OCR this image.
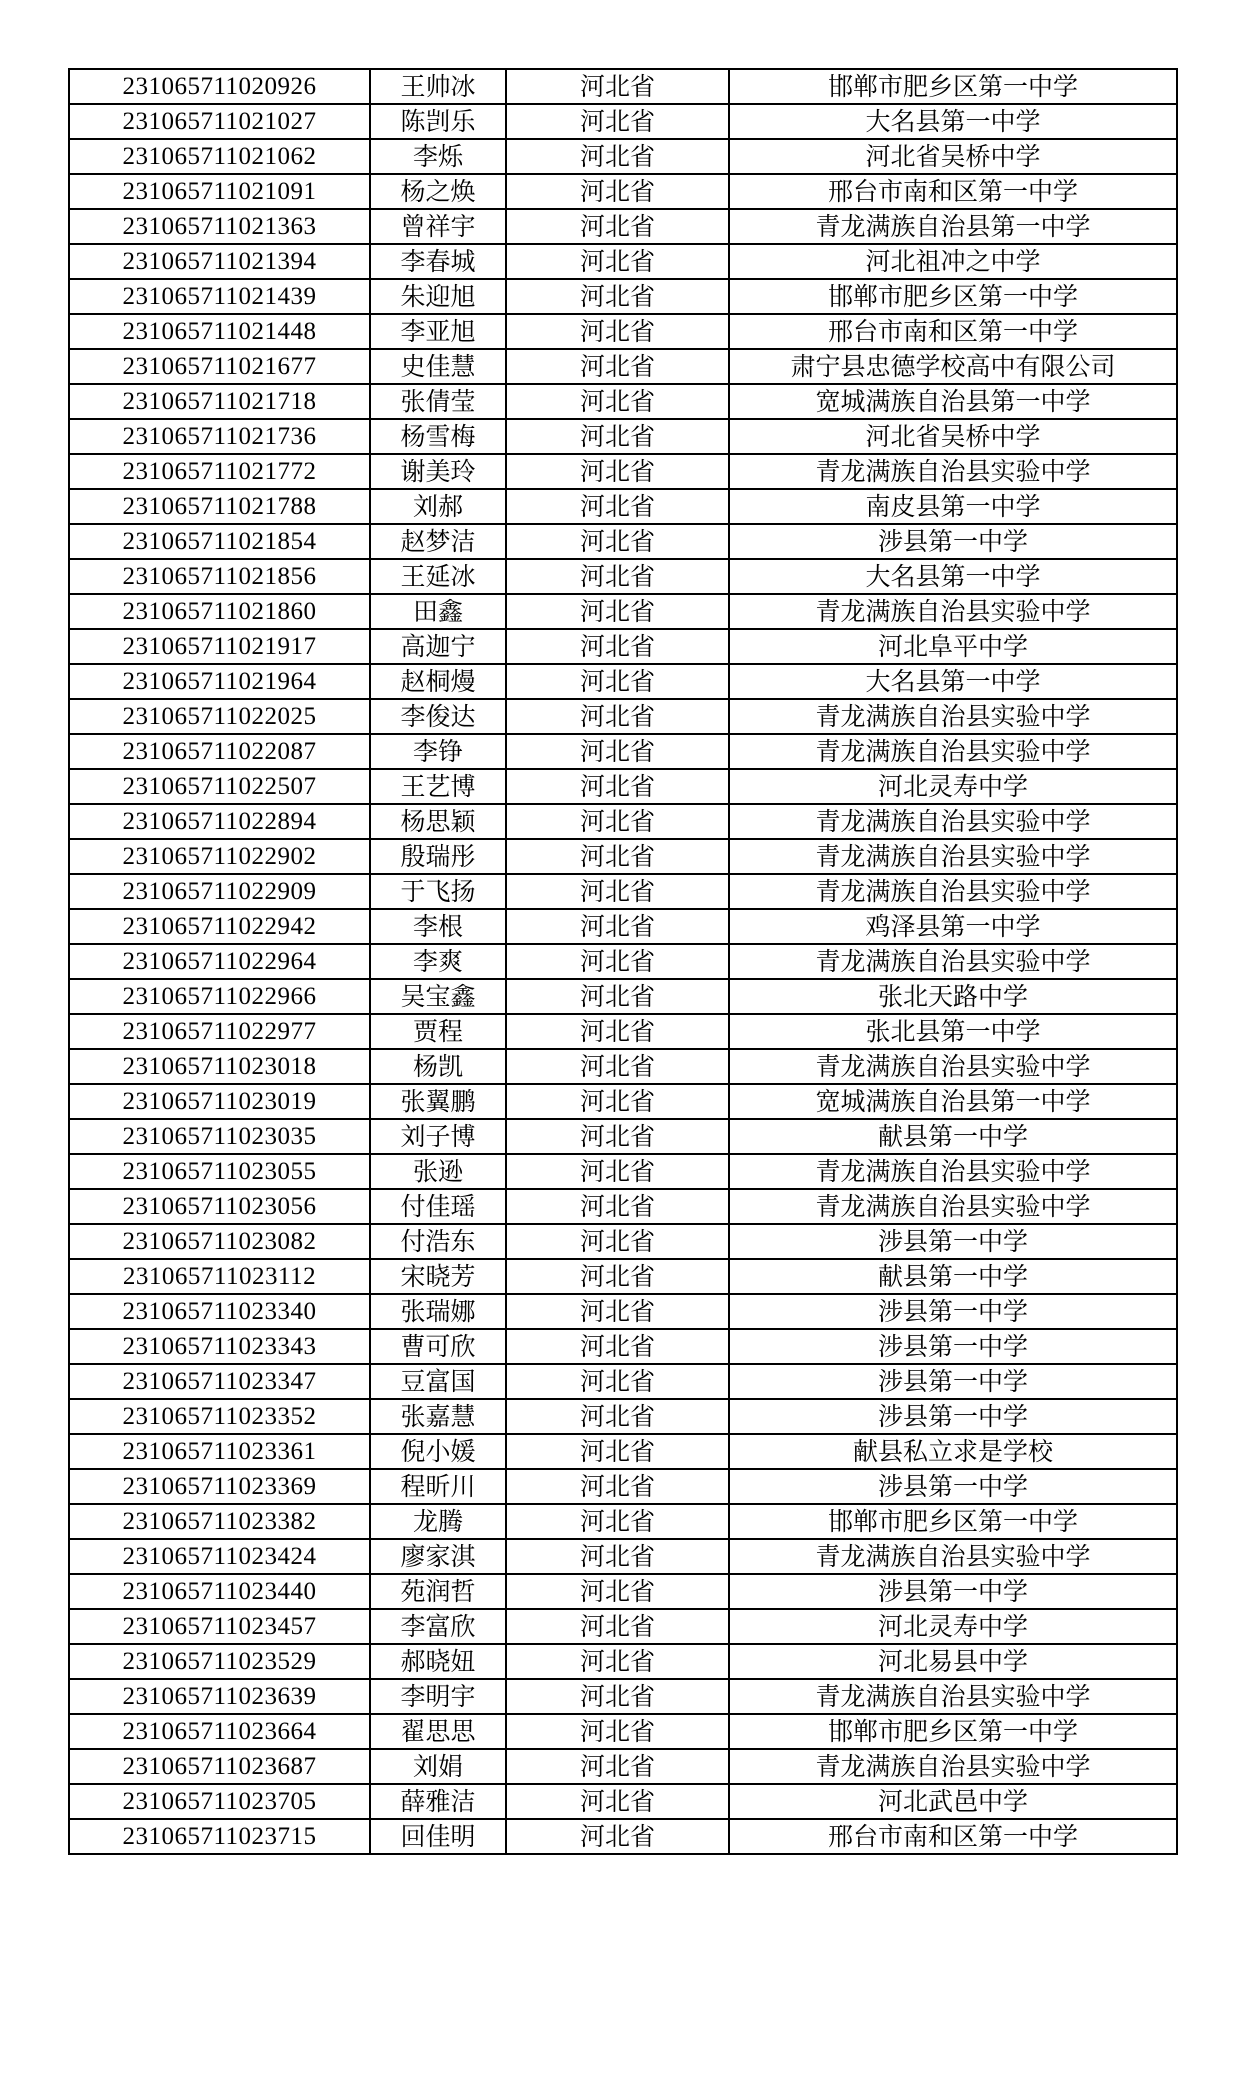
231065711020926	王帅冰	河北省	邯郸市肥乡区第一中学
231065711021027	陈剀乐	河北省	大名县第一中学
231065711021062	李烁	河北省	河北省吴桥中学
231065711021091	杨之焕	河北省	邢台市南和区第一中学
231065711021363	曾祥宇	河北省	青龙满族自治县第一中学
231065711021394	李春城	河北省	河北祖冲之中学
231065711021439	朱迎旭	河北省	邯郸市肥乡区第一中学
231065711021448	李亚旭	河北省	邢台市南和区第一中学
231065711021677	史佳慧	河北省	肃宁县忠德学校高中有限公司
231065711021718	张倩莹	河北省	宽城满族自治县第一中学
231065711021736	杨雪梅	河北省	河北省吴桥中学
231065711021772	谢美玲	河北省	青龙满族自治县实验中学
231065711021788	刘郝	河北省	南皮县第一中学
231065711021854	赵梦洁	河北省	涉县第一中学
231065711021856	王延冰	河北省	大名县第一中学
231065711021860	田鑫	河北省	青龙满族自治县实验中学
231065711021917	高迦宁	河北省	河北阜平中学
231065711021964	赵桐熳	河北省	大名县第一中学
231065711022025	李俊达	河北省	青龙满族自治县实验中学
231065711022087	李铮	河北省	青龙满族自治县实验中学
231065711022507	王艺博	河北省	河北灵寿中学
231065711022894	杨思颖	河北省	青龙满族自治县实验中学
231065711022902	殷瑞彤	河北省	青龙满族自治县实验中学
231065711022909	于飞扬	河北省	青龙满族自治县实验中学
231065711022942	李根	河北省	鸡泽县第一中学
231065711022964	李爽	河北省	青龙满族自治县实验中学
231065711022966	吴宝鑫	河北省	张北天路中学
231065711022977	贾程	河北省	张北县第一中学
231065711023018	杨凯	河北省	青龙满族自治县实验中学
231065711023019	张翼鹏	河北省	宽城满族自治县第一中学
231065711023035	刘子博	河北省	献县第一中学
231065711023055	张逊	河北省	青龙满族自治县实验中学
231065711023056	付佳瑶	河北省	青龙满族自治县实验中学
231065711023082	付浩东	河北省	涉县第一中学
231065711023112	宋晓芳	河北省	献县第一中学
231065711023340	张瑞娜	河北省	涉县第一中学
231065711023343	曹可欣	河北省	涉县第一中学
231065711023347	豆富国	河北省	涉县第一中学
231065711023352	张嘉慧	河北省	涉县第一中学
231065711023361	倪小媛	河北省	献县私立求是学校
231065711023369	程昕川	河北省	涉县第一中学
231065711023382	龙腾	河北省	邯郸市肥乡区第一中学
231065711023424	廖家淇	河北省	青龙满族自治县实验中学
231065711023440	苑润哲	河北省	涉县第一中学
231065711023457	李富欣	河北省	河北灵寿中学
231065711023529	郝晓妞	河北省	河北易县中学
231065711023639	李明宇	河北省	青龙满族自治县实验中学
231065711023664	翟思思	河北省	邯郸市肥乡区第一中学
231065711023687	刘娟	河北省	青龙满族自治县实验中学
231065711023705	薛雅洁	河北省	河北武邑中学
231065711023715	回佳明	河北省	邢台市南和区第一中学
